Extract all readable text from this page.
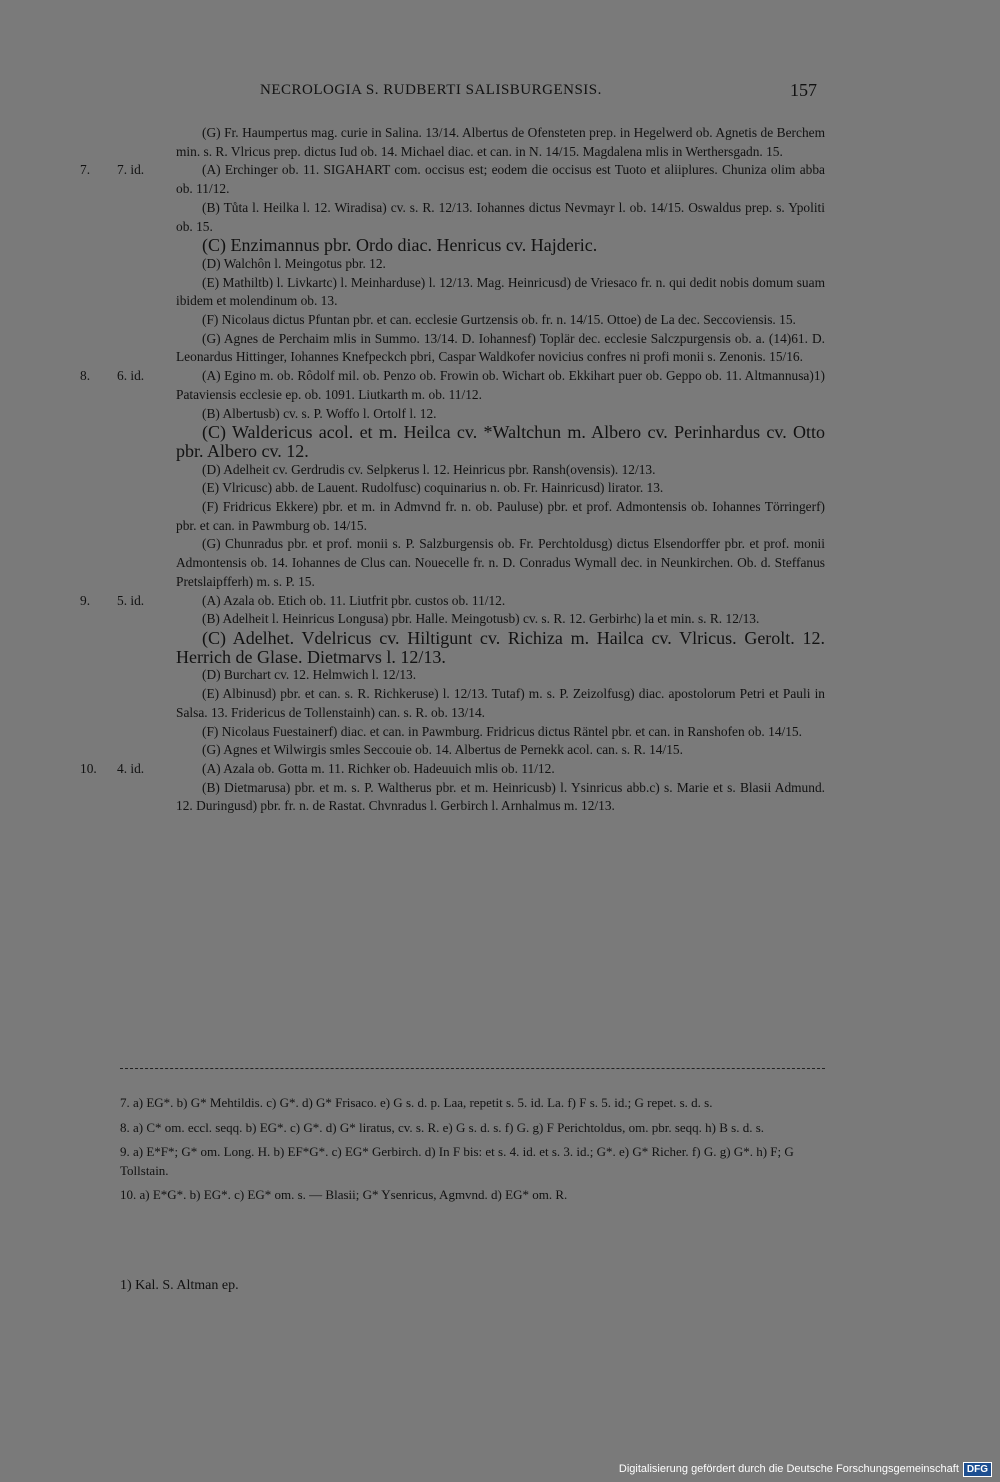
NECROLOGIA S. RUDBERTI SALISBURGENSIS.	157

(G) Fr. Haumpertus mag. curie in Salina. 13/14. Albertus de Ofensteten prep. in Hegelwerd ob. Agnetis de Berchem min. s. R. Vlricus prep. dictus Iud ob. 14. Michael diac. et can. in N. 14/15. Magdalena mlis in Werthersgadn. 15.

7. 7. id.	(A) Erchinger ob. 11. SIGAHART com. occisus est; eodem die occisus est Tuoto et aliiplures. Chuniza olim abba ob. 11/12.

(B) Tůta l. Heilka l. 12. Wiradisa) cv. s. R. 12/13. Iohannes dictus Nevmayr l. ob. 14/15. Oswaldus prep. s. Ypoliti ob. 15.

(C) Enzimannus pbr. Ordo diac. Henricus cv. Hajderic.

(D) Walchôn l. Meingotus pbr. 12.

(E) Mathiltb) l. Livkartc) l. Meinharduse) l. 12/13. Mag. Heinricusd) de Vriesaco fr. n. qui dedit nobis domum suam ibidem et molendinum ob. 13.

(F) Nicolaus dictus Pfuntan pbr. et can. ecclesie Gurtzensis ob. fr. n. 14/15. Ottoe) de La dec. Seccoviensis. 15.

(G) Agnes de Perchaim mlis in Summo. 13/14. D. Iohannesf) Toplär dec. ecclesie Salczpurgensis ob. a. (14)61. D. Leonardus Hittinger, Iohannes Knefpeckch pbri, Caspar Waldkofer novicius confres ni profi monii s. Zenonis. 15/16.

8. 6. id.	(A) Egino m. ob. Rôdolf mil. ob. Penzo ob. Frowin ob. Wichart ob. Ekkihart puer ob. Geppo ob. 11. Altmannusa)1) Pataviensis ecclesie ep. ob. 1091. Liutkarth m. ob. 11/12.

(B) Albertusb) cv. s. P. Woffo l. Ortolf l. 12.

(C) Waldericus acol. et m. Heilca cv. *Waltchun m. Albero cv. Perinhardus cv. Otto pbr. Albero cv. 12.

(D) Adelheit cv. Gerdrudis cv. Selpkerus l. 12. Heinricus pbr. Ransh(ovensis). 12/13.

(E) Vlricusc) abb. de Lauent. Rudolfusc) coquinarius n. ob. Fr. Hainricusd) lirator. 13.

(F) Fridricus Ekkere) pbr. et m. in Admvnd fr. n. ob. Paulusе) pbr. et prof. Admontensis ob. Iohannes Törringerf) pbr. et can. in Pawmburg ob. 14/15.

(G) Chunradus pbr. et prof. monii s. P. Salzburgensis ob. Fr. Perchtoldusg) dictus Elsendorffer pbr. et prof. monii Admontensis ob. 14. Iohannes de Clus can. Nouecelle fr. n. D. Conradus Wymall dec. in Neunkirchen. Ob. d. Steffanus Pretslaipfferh) m. s. P. 15.

9. 5. id.	(A) Azala ob. Etich ob. 11. Liutfrit pbr. custos ob. 11/12.

(B) Adelheit l. Heinricus Longusa) pbr. Halle. Meingotusb) cv. s. R. 12. Gerbirhc) la et min. s. R. 12/13.

(C) Adelhet. Vdelricus cv. Hiltigunt cv. Richiza m. Hailca cv. Vlricus. Gerolt. 12. Herrich de Glase. Dietmarvs l. 12/13.

(D) Burchart cv. 12. Helmwich l. 12/13.

(E) Albinusd) pbr. et can. s. R. Richkeruse) l. 12/13. Tutaf) m. s. P. Zeizolfusg) diac. apostolorum Petri et Pauli in Salsa. 13. Fridericus de Tollenstainh) can. s. R. ob. 13/14.

(F) Nicolaus Fuestainerf) diac. et can. in Pawmburg. Fridricus dictus Räntel pbr. et can. in Ranshofen ob. 14/15.

(G) Agnes et Wilwirgis smles Seccouie ob. 14. Albertus de Pernekk acol. can. s. R. 14/15.

10. 4. id.	(A) Azala ob. Gotta m. 11. Richker ob. Hadeuuich mlis ob. 11/12.

(B) Dietmarusa) pbr. et m. s. P. Waltherus pbr. et m. Heinricusb) l. Ysinricus abb.c) s. Marie et s. Blasii Admund. 12. Duringusd) pbr. fr. n. de Rastat. Chvnradus l. Gerbirch l. Arnhalmus m. 12/13.

7. a) EG*. b) G* Mehtildis. c) G*. d) G* Frisaco. e) G s. d. p. Laa, repetit s. 5. id. La. f) F s. 5. id.; G repet. s. d. s.

8. a) C* om. eccl. seqq. b) EG*. c) G*. d) G* liratus, cv. s. R. e) G s. d. s. f) G. g) F Perichtoldus, om. pbr. seqq. h) B s. d. s.

9. a) E*F*; G* om. Long. H. b) EF*G*. c) EG* Gerbirch. d) In F bis: et s. 4. id. et s. 3. id.; G*. e) G* Richer. f) G. g) G*. h) F; G Tollstain.

10. a) E*G*. b) EG*. c) EG* om. s. — Blasii; G* Ysenricus, Agmvnd. d) EG* om. R.

1) Kal. S. Altman ep.
Digitalisierung gefördert durch die Deutsche Forschungsgemeinschaft DFG
